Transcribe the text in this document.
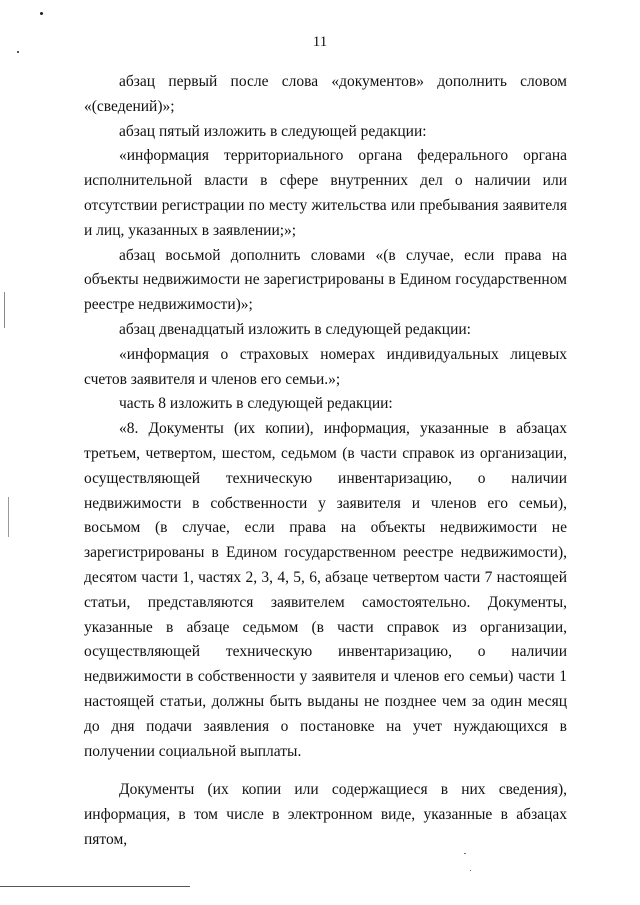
11

абзац первый после слова «документов» дополнить словом «(сведений)»;

абзац пятый изложить в следующей редакции:

«информация территориального органа федерального органа исполнительной власти в сфере внутренних дел о наличии или отсутствии регистрации по месту жительства или пребывания заявителя и лиц, указанных в заявлении;»;

абзац восьмой дополнить словами «(в случае, если права на объекты недвижимости не зарегистрированы в Едином государственном реестре недвижимости)»;

абзац двенадцатый изложить в следующей редакции:

«информация о страховых номерах индивидуальных лицевых счетов заявителя и членов его семьи.»;

часть 8 изложить в следующей редакции:

«8. Документы (их копии), информация, указанные в абзацах третьем, четвертом, шестом, седьмом (в части справок из организации, осуществляющей техническую инвентаризацию, о наличии недвижимости в собственности у заявителя и членов его семьи), восьмом (в случае, если права на объекты недвижимости не зарегистрированы в Едином государственном реестре недвижимости), десятом части 1, частях 2, 3, 4, 5, 6, абзаце четвертом части 7 настоящей статьи, представляются заявителем самостоятельно. Документы, указанные в абзаце седьмом (в части справок из организации, осуществляющей техническую инвентаризацию, о наличии недвижимости в собственности у заявителя и членов его семьи) части 1 настоящей статьи, должны быть выданы не позднее чем за один месяц до дня подачи заявления о постановке на учет нуждающихся в получении социальной выплаты.

Документы (их копии или содержащиеся в них сведения), информация, в том числе в электронном виде, указанные в абзацах пятом,
